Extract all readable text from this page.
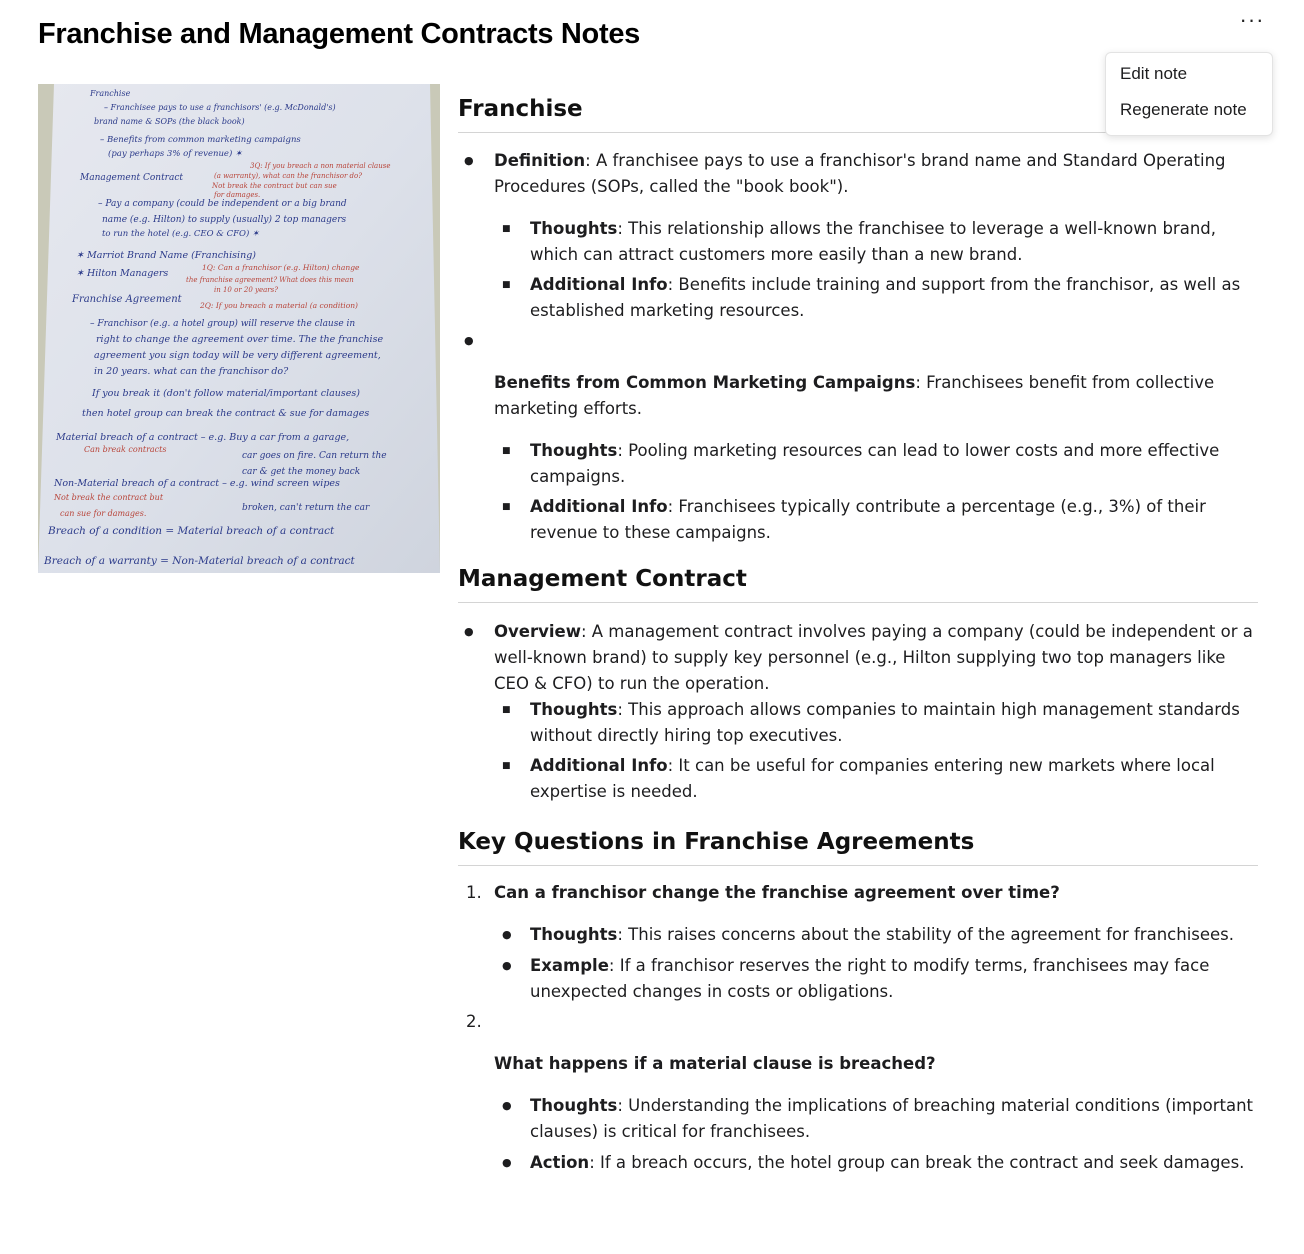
Franchise and Management Contracts Notes	···
Edit note
Regenerate note
Franchise
– Franchisee pays to use a franchisors' (e.g. McDonald's)
brand name & SOPs (the black book)
– Benefits from common marketing campaigns
(pay perhaps 3% of revenue) ✶
Management Contract
3Q: If you breach a non material clause
(a warranty), what can the franchisor do?
Not break the contract but can sue
for damages.
– Pay a company (could be independent or a big brand
name (e.g. Hilton) to supply (usually) 2 top managers
to run the hotel (e.g. CEO & CFO) ✶
✶ Marriot Brand Name (Franchising)
✶ Hilton Managers
1Q: Can a franchisor (e.g. Hilton) change
the franchise agreement? What does this mean
in 10 or 20 years?
Franchise Agreement
2Q: If you breach a material (a condition)
– Franchisor (e.g. a hotel group) will reserve the clause in
right to change the agreement over time. The the franchise
agreement you sign today will be very different agreement,
in 20 years. what can the franchisor do?
If you break it (don't follow material/important clauses)
then hotel group can break the contract & sue for damages
Material breach of a contract – e.g. Buy a car from a garage,
Can break contracts
car goes on fire. Can return the
car & get the money back
Non-Material breach of a contract – e.g. wind screen wipes
Not break the contract but
broken, can't return the car
can sue for damages.
Breach of a condition = Material breach of a contract
Breach of a warranty = Non-Material breach of a contract
Franchise
● Definition: A franchisee pays to use a franchisor's brand name and Standard Operating Procedures (SOPs, called the "book book").
■ Thoughts: This relationship allows the franchisee to leverage a well-known brand, which can attract customers more easily than a new brand.
■ Additional Info: Benefits include training and support from the franchisor, as well as established marketing resources.
● Benefits from Common Marketing Campaigns: Franchisees benefit from collective marketing efforts.
■ Thoughts: Pooling marketing resources can lead to lower costs and more effective campaigns.
■ Additional Info: Franchisees typically contribute a percentage (e.g., 3%) of their revenue to these campaigns.
Management Contract
● Overview: A management contract involves paying a company (could be independent or a well-known brand) to supply key personnel (e.g., Hilton supplying two top managers like CEO & CFO) to run the operation.
■ Thoughts: This approach allows companies to maintain high management standards without directly hiring top executives.
■ Additional Info: It can be useful for companies entering new markets where local expertise is needed.
Key Questions in Franchise Agreements
1. Can a franchisor change the franchise agreement over time?
● Thoughts: This raises concerns about the stability of the agreement for franchisees.
● Example: If a franchisor reserves the right to modify terms, franchisees may face unexpected changes in costs or obligations.
2.
What happens if a material clause is breached?
● Thoughts: Understanding the implications of breaching material conditions (important clauses) is critical for franchisees.
● Action: If a breach occurs, the hotel group can break the contract and seek damages.
